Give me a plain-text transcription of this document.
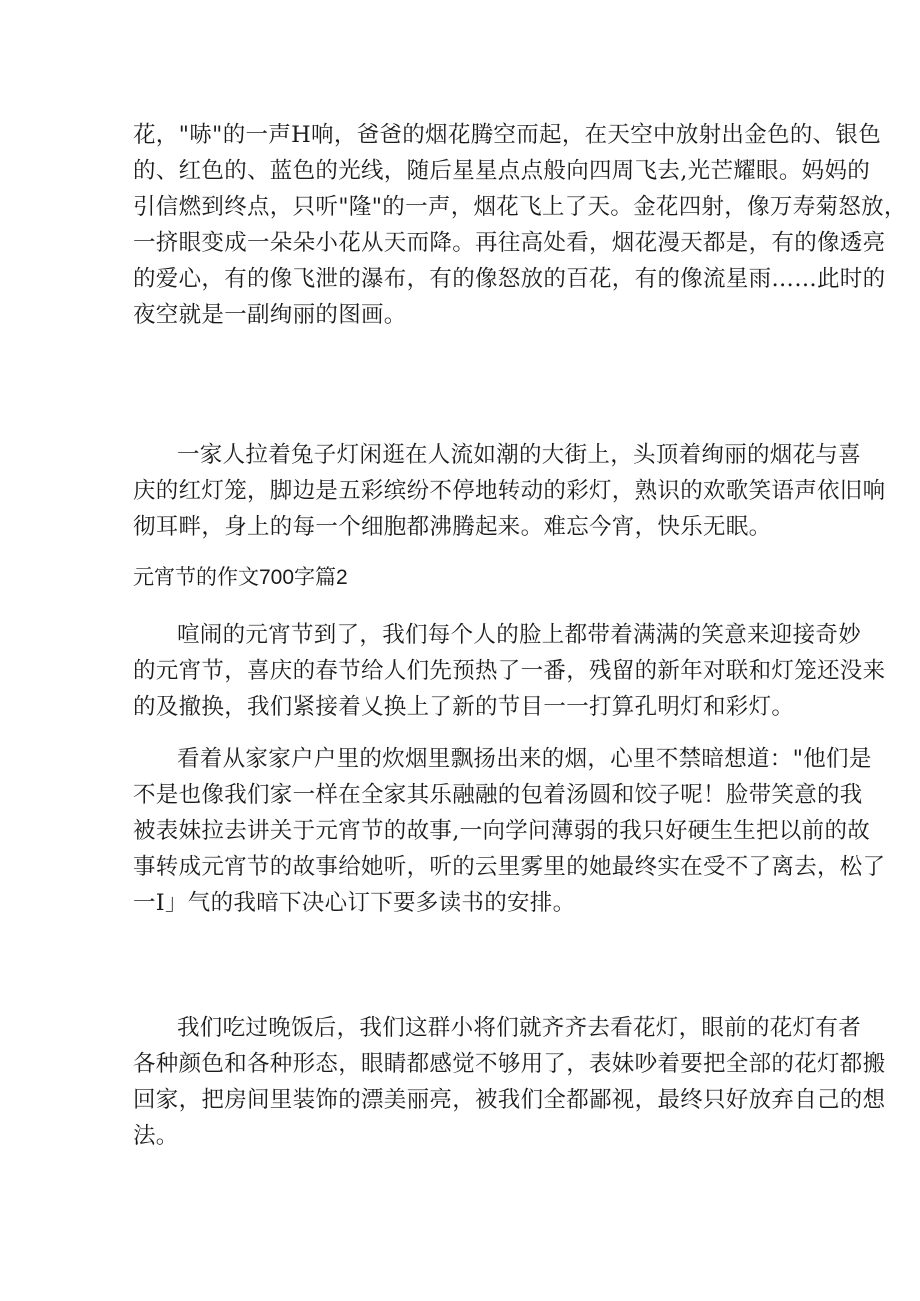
花，"哧"的一声H响，爸爸的烟花腾空而起，在天空中放射出金色的、银色
的、红色的、蓝色的光线，随后星星点点般向四周飞去,光芒耀眼。妈妈的
引信燃到终点，只听"隆"的一声，烟花飞上了天。金花四射，像万寿菊怒放，
一挤眼变成一朵朵小花从天而降。再往高处看，烟花漫天都是，有的像透亮
的爱心，有的像飞泄的瀑布，有的像怒放的百花，有的像流星雨……此时的
夜空就是一副绚丽的图画。
一家人拉着兔子灯闲逛在人流如潮的大街上，头顶着绚丽的烟花与喜
庆的红灯笼，脚边是五彩缤纷不停地转动的彩灯，熟识的欢歌笑语声依旧响
彻耳畔，身上的每一个细胞都沸腾起来。难忘今宵，快乐无眠。
元宵节的作文700字篇2
喧闹的元宵节到了，我们每个人的脸上都带着满满的笑意来迎接奇妙
的元宵节，喜庆的春节给人们先预热了一番，残留的新年对联和灯笼还没来
的及撤换，我们紧接着乂换上了新的节目一一打算孔明灯和彩灯。
看着从家家户户里的炊烟里飘扬出来的烟，心里不禁暗想道："他们是
不是也像我们家一样在全家其乐融融的包着汤圆和饺子呢！脸带笑意的我
被表妹拉去讲关于元宵节的故事,一向学问薄弱的我只好硬生生把以前的故
事转成元宵节的故事给她听，听的云里雾里的她最终实在受不了离去，松了
一I」气的我暗下决心订下要多读书的安排。
我们吃过晚饭后，我们这群小将们就齐齐去看花灯，眼前的花灯有者
各种颜色和各种形态，眼睛都感觉不够用了，表妹吵着要把全部的花灯都搬
回家，把房间里装饰的漂美丽亮，被我们全都鄙视，最终只好放弃自己的想
法。
